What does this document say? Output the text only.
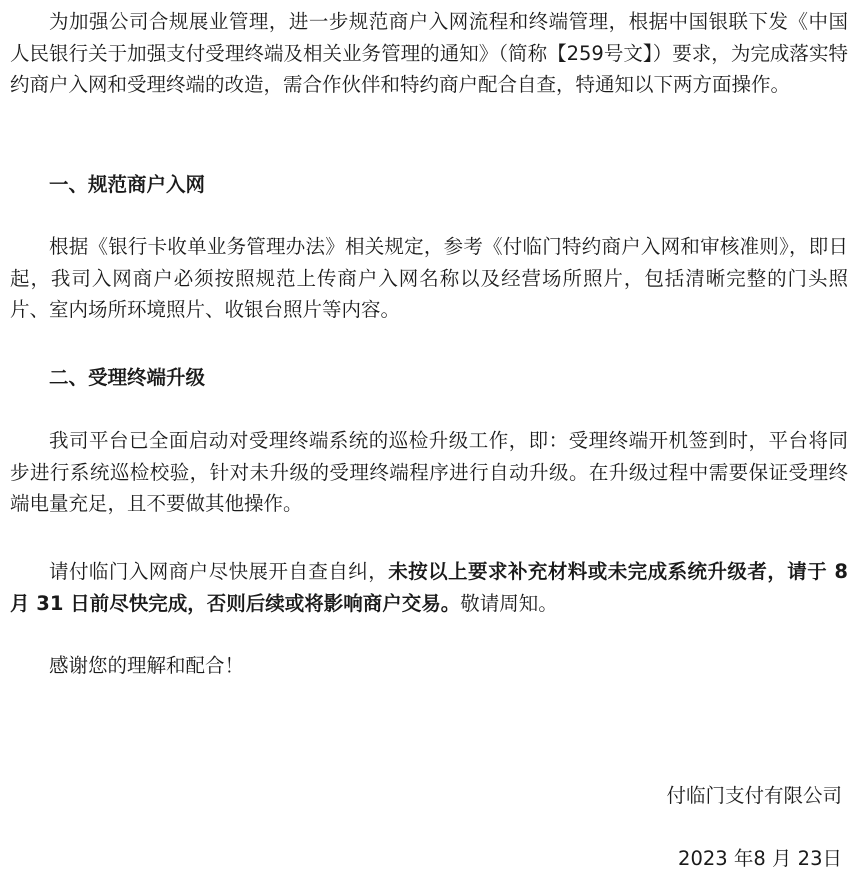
为加强公司合规展业管理，进一步规范商户入网流程和终端管理，根据中国银联下发《中国人民银行关于加强支付受理终端及相关业务管理的通知》（简称【259号文】）要求，为完成落实特约商户入网和受理终端的改造，需合作伙伴和特约商户配合自查，特通知以下两方面操作。

一、规范商户入网

根据《银行卡收单业务管理办法》相关规定，参考《付临门特约商户入网和审核准则》，即日起，我司入网商户必须按照规范上传商户入网名称以及经营场所照片，包括清晰完整的门头照片、室内场所环境照片、收银台照片等内容。

二、受理终端升级

我司平台已全面启动对受理终端系统的巡检升级工作，即：受理终端开机签到时，平台将同步进行系统巡检校验，针对未升级的受理终端程序进行自动升级。在升级过程中需要保证受理终端电量充足，且不要做其他操作。

请付临门入网商户尽快展开自查自纠，未按以上要求补充材料或未完成系统升级者，请于 8 月 31 日前尽快完成，否则后续或将影响商户交易。敬请周知。

感谢您的理解和配合！

付临门支付有限公司

2023 年8 月 23日
